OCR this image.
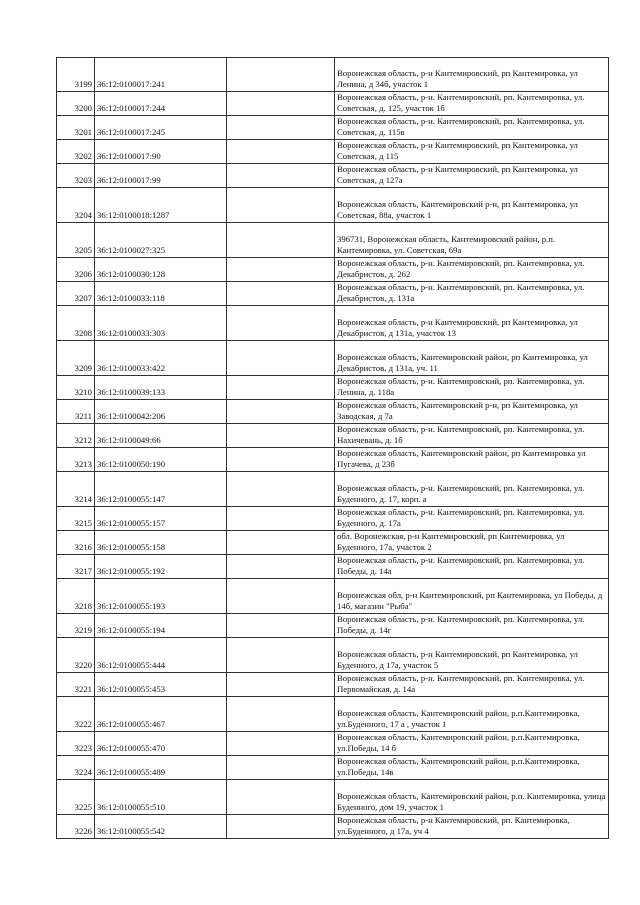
3199	36:12:0100017:241		Воронежская область, р-н Кантемировский, рп Кантемировка, ул Ленина, д 34б, участок 1
3200	36:12:0100017:244		Воронежская область, р-н. Кантемировский, рп. Кантемировка, ул. Советская, д. 125, участок 1б
3201	36:12:0100017:245		Воронежская область, р-н. Кантемировский, рп. Кантемировка, ул. Советская, д. 115в
3202	36:12:0100017:90		Воронежская область, р-н Кантемировский, рп Кантемировка, ул Советская, д 115
3203	36:12:0100017:99		Воронежская область, р-н Кантемировский, рп Кантемировка, ул Советская, д 127а
3204	36:12:0100018:1287		Воронежская область, Кантемировский р-н, рп Кантемировка, ул Советская, 88а, участок 1
3205	36:12:0100027:325		396731, Воронежская область, Кантемировский район, р.п. Кантемировка, ул. Советская, 69а
3206	36:12:0100030:128		Воронежская область, р-н. Кантемировский, рп. Кантемировка, ул. Декабристов, д. 262
3207	36:12:0100033:118		Воронежская область, р-н. Кантемировский, рп. Кантемировка, ул. Декабристов, д. 131а
3208	36:12:0100033:303		Воронежская область, р-н Кантемировский, рп Кантемировка, ул Декабристов, д 131а, участок 13
3209	36:12:0100033:422		Воронежская область, Кантемировский район, рп Кантемировка, ул Декабристов, д 131а, уч. 11
3210	36:12:0100039:133		Воронежская область, р-н. Кантемировский, рп. Кантемировка, ул. Ленина, д. 118а
3211	36:12:0100042:206		Воронежская область, Кантемировский р-н, рп Кантемировка, ул Заводская, д 7а
3212	36:12:0100049:66		Воронежская область, р-н. Кантемировский, рп. Кантемировка, ул. Нахичевань, д. 1б
3213	36:12:0100050:190		Воронежская область, Кантемировский район, рп Кантемировка ул Пугачева, д 23б
3214	36:12:0100055:147		Воронежская область, р-н. Кантемировский, рп. Кантемировка, ул. Буденного, д. 17, корп. а
3215	36:12:0100055:157		Воронежская область, р-н. Кантемировский, рп. Кантемировка, ул. Буденного, д. 17а
3216	36:12:0100055:158		обл. Воронежская, р-н Кантемировский, рп Кантемировка, ул Буденного, 17а, участок 2
3217	36:12:0100055:192		Воронежская область, р-н. Кантемировский, рп. Кантемировка, ул. Победы, д. 14а
3218	36:12:0100055:193		Воронежская обл, р-н Кантемировский, рп Кантемировка, ул Победы, д 14б, магазин "Рыба"
3219	36:12:0100055:194		Воронежская область, р-н. Кантемировский, рп. Кантемировка, ул. Победы, д. 14г
3220	36:12:0100055:444		Воронежская область, р-н Кантемировский, рп Кантемировка, ул Буденного, д 17а, участок 5
3221	36:12:0100055:453		Воронежская область, р-н. Кантемировский, рп. Кантемировка, ул. Первомайская, д. 14а
3222	36:12:0100055:467		Воронежская область, Кантемировский район, р.п.Кантемировка, ул.Буденного, 17 а , участок 1
3223	36:12:0100055:470		Воронежская область, Кантемировский район, р.п.Кантемировка, ул.Победы, 14 б
3224	36:12:0100055:489		Воронежская область, Кантемировский район, р.п.Кантемировка, ул.Победы, 14в
3225	36:12:0100055:510		Воронежская область, Кантемировский район, р.п. Кантемировка, улица Буденного, дом 19, участок 1
3226	36:12:0100055:542		Воронежская область, р-н Кантемировский, рп. Кантемировка, ул.Буденного, д 17а, уч 4
